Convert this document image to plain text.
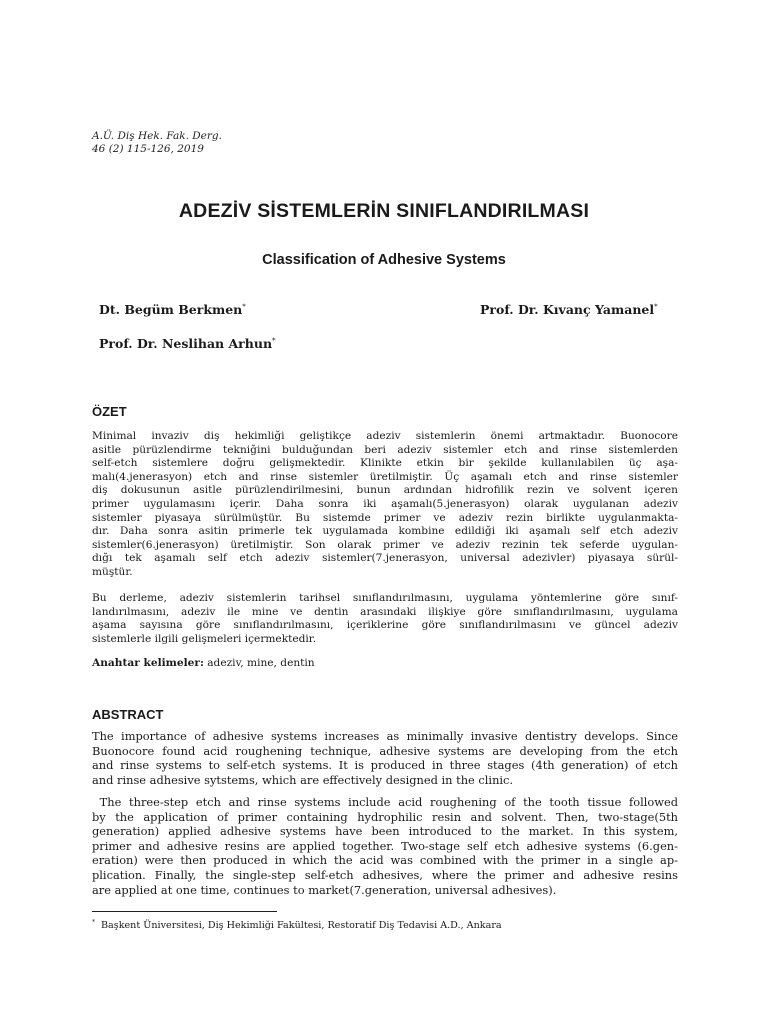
A.Ü. Diş Hek. Fak. Derg.
46 (2) 115-126, 2019
ADEZİV SİSTEMLERİN SINIFLANDIRILMASI
Classification of Adhesive Systems
Dt. Begüm Berkmen*	Prof. Dr. Kıvanç Yamanel*
Prof. Dr. Neslihan Arhun*
ÖZET
Minimal invaziv diş hekimliği geliştikçe adeziv sistemlerin önemi artmaktadır. Buonocore
asitle pürüzlendirme tekniğini bulduğundan beri adeziv sistemler etch and rinse sistemlerden
self-etch sistemlere doğru gelişmektedir. Klinikte etkin bir şekilde kullanılabilen üç aşa-
malı(4.jenerasyon) etch and rinse sistemler üretilmiştir. Üç aşamalı etch and rinse sistemler
diş dokusunun asitle pürüzlendirilmesini, bunun ardından hidrofilik rezin ve solvent içeren
primer uygulamasını içerir. Daha sonra iki aşamalı(5.jenerasyon) olarak uygulanan adeziv
sistemler piyasaya sürülmüştür. Bu sistemde primer ve adeziv rezin birlikte uygulanmakta-
dır. Daha sonra asitin primerle tek uygulamada kombine edildiği iki aşamalı self etch adeziv
sistemler(6.jenerasyon) üretilmiştir. Son olarak primer ve adeziv rezinin tek seferde uygulan-
dığı tek aşamalı self etch adeziv sistemler(7.jenerasyon, universal adezivler) piyasaya sürül-
müştür.
Bu derleme, adeziv sistemlerin tarihsel sınıflandırılmasını, uygulama yöntemlerine göre sınıf-
landırılmasını, adeziv ile mine ve dentin arasındaki ilişkiye göre sınıflandırılmasını, uygulama
aşama sayısına göre sınıflandırılmasını, içeriklerine göre sınıflandırılmasını ve güncel adeziv
sistemlerle ilgili gelişmeleri içermektedir.
Anahtar kelimeler: adeziv, mine, dentin
ABSTRACT
The importance of adhesive systems increases as minimally invasive dentistry develops. Since
Buonocore found acid roughening technique, adhesive systems are developing from the etch
and rinse systems to self-etch systems. It is produced in three stages (4th generation) of etch
and rinse adhesive sytstems, which are effectively designed in the clinic.
The three-step etch and rinse systems include acid roughening of the tooth tissue followed
by the application of primer containing hydrophilic resin and solvent. Then, two-stage(5th
generation) applied adhesive systems have been introduced to the market. In this system,
primer and adhesive resins are applied together. Two-stage self etch adhesive systems (6.gen-
eration) were then produced in which the acid was combined with the primer in a single ap-
plication. Finally, the single-step self-etch adhesives, where the primer and adhesive resins
are applied at one time, continues to market(7.generation, universal adhesives).
* Başkent Üniversitesi, Diş Hekimliği Fakültesi, Restoratif Diş Tedavisi A.D., Ankara
